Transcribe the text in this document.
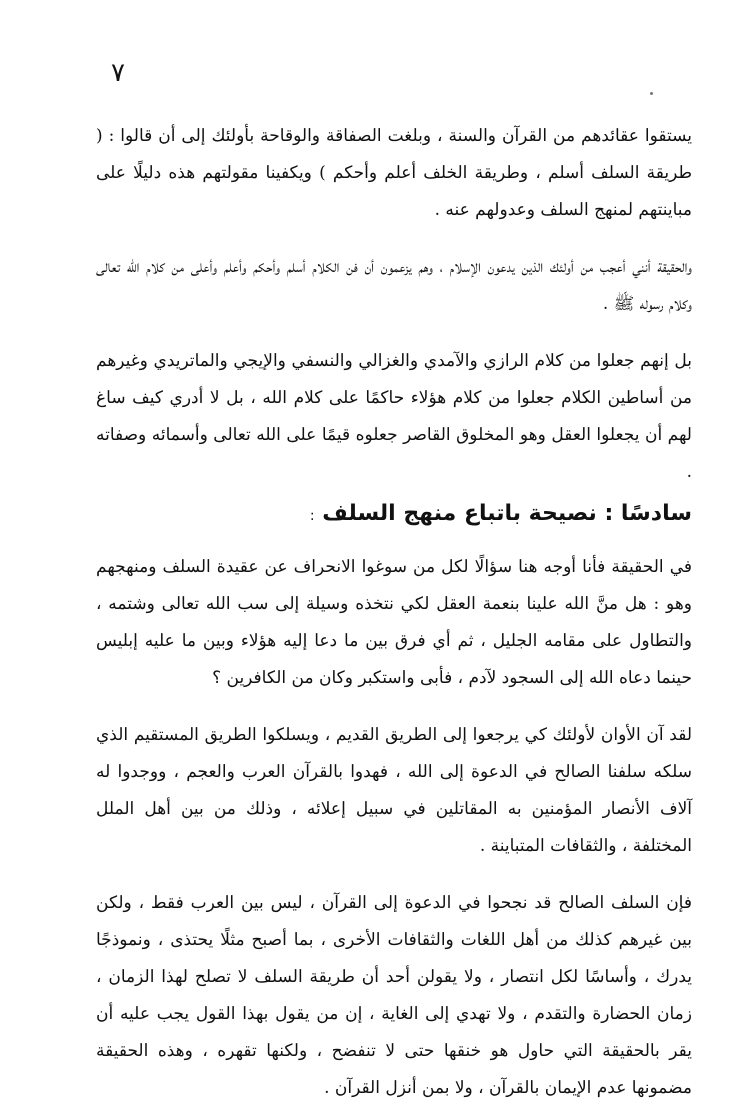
٧

يستقوا عقائدهم من القرآن والسنة ، وبلغت الصفاقة والوقاحة بأولئك إلى أن قالوا : ( طريقة السلف أسلم ، وطريقة الخلف أعلم وأحكم ) ويكفينا مقولتهم هذه دليلًا على مباينتهم لمنهج السلف وعدولهم عنه .

والحقيقة أنني أعجب من أولئك الذين يدعون الإسلام ، وهم يزعمون أن فن الكلام أسلم وأحكم وأعلم وأعلى من كلام الله تعالى وكلام رسوله ﷺ .

بل إنهم جعلوا من كلام الرازي والآمدي والغزالي والنسفي والإيجي والماتريدي وغيرهم من أساطين الكلام جعلوا من كلام هؤلاء حاكمًا على كلام الله ، بل لا أدري كيف ساغ لهم أن يجعلوا العقل وهو المخلوق القاصر جعلوه قيمًا على الله تعالى وأسمائه وصفاته .

سادسًا : نصيحة باتباع منهج السلف :

في الحقيقة فأنا أوجه هنا سؤالًا لكل من سوغوا الانحراف عن عقيدة السلف ومنهجهم وهو : هل منَّ الله علينا بنعمة العقل لكي نتخذه وسيلة إلى سب الله تعالى وشتمه ، والتطاول على مقامه الجليل ، ثم أي فرق بين ما دعا إليه هؤلاء وبين ما عليه إبليس حينما دعاه الله إلى السجود لآدم ، فأبى واستكبر وكان من الكافرين ؟

لقد آن الأوان لأولئك كي يرجعوا إلى الطريق القديم ، ويسلكوا الطريق المستقيم الذي سلكه سلفنا الصالح في الدعوة إلى الله ، فهدوا بالقرآن العرب والعجم ، ووجدوا له آلاف الأنصار المؤمنين به المقاتلين في سبيل إعلائه ، وذلك من بين أهل الملل المختلفة ، والثقافات المتباينة .

فإن السلف الصالح قد نجحوا في الدعوة إلى القرآن ، ليس بين العرب فقط ، ولكن بين غيرهم كذلك من أهل اللغات والثقافات الأخرى ، بما أصبح مثلًا يحتذى ، ونموذجًا يدرك ، وأساسًا لكل انتصار ، ولا يقولن أحد أن طريقة السلف لا تصلح لهذا الزمان ، زمان الحضارة والتقدم ، ولا تهدي إلى الغاية ، إن من يقول بهذا القول يجب عليه أن يقر بالحقيقة التي حاول هو خنقها حتى لا تنفضح ، ولكنها تقهره ، وهذه الحقيقة مضمونها عدم الإيمان بالقرآن ، ولا بمن أنزل القرآن .
